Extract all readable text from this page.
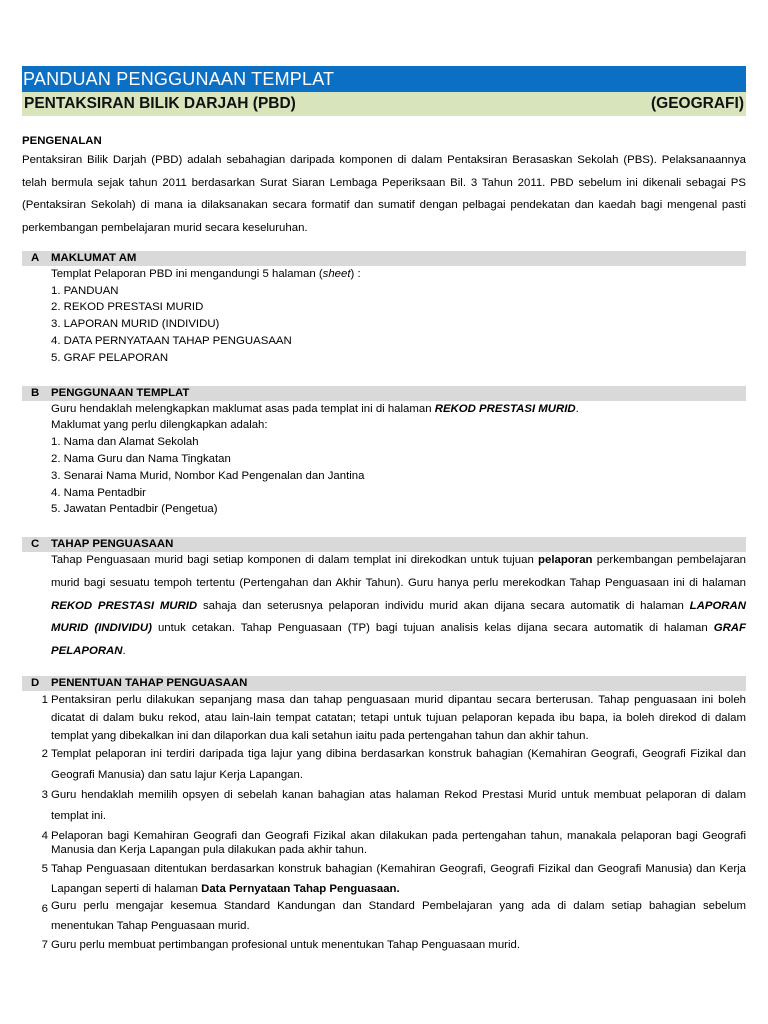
PANDUAN PENGGUNAAN TEMPLAT
PENTAKSIRAN BILIK DARJAH (PBD)	(GEOGRAFI)
PENGENALAN
Pentaksiran Bilik Darjah (PBD) adalah sebahagian daripada komponen di dalam Pentaksiran Berasaskan Sekolah (PBS). Pelaksanaannya telah bermula sejak tahun 2011 berdasarkan Surat Siaran Lembaga Peperiksaan Bil. 3 Tahun 2011. PBD sebelum ini dikenali sebagai PS (Pentaksiran Sekolah) di mana ia dilaksanakan secara formatif dan sumatif dengan pelbagai pendekatan dan kaedah bagi mengenal pasti perkembangan pembelajaran murid secara keseluruhan.
A	MAKLUMAT AM
Templat Pelaporan PBD ini mengandungi 5 halaman (sheet) :
1. PANDUAN
2. REKOD PRESTASI MURID
3. LAPORAN MURID (INDIVIDU)
4. DATA PERNYATAAN TAHAP PENGUASAAN
5. GRAF PELAPORAN
B	PENGGUNAAN TEMPLAT
Guru hendaklah melengkapkan maklumat asas pada templat ini di halaman REKOD PRESTASI MURID.
Maklumat yang perlu dilengkapkan adalah:
1. Nama dan Alamat Sekolah
2. Nama Guru dan Nama Tingkatan
3. Senarai Nama Murid, Nombor Kad Pengenalan dan Jantina
4. Nama Pentadbir
5. Jawatan Pentadbir (Pengetua)
C	TAHAP PENGUASAAN
Tahap Penguasaan murid bagi setiap komponen di dalam templat ini direkodkan untuk tujuan pelaporan perkembangan pembelajaran murid bagi sesuatu tempoh tertentu (Pertengahan dan Akhir Tahun). Guru hanya perlu merekodkan Tahap Penguasaan ini di halaman REKOD PRESTASI MURID sahaja dan seterusnya pelaporan individu murid akan dijana secara automatik di halaman LAPORAN MURID (INDIVIDU) untuk cetakan. Tahap Penguasaan (TP) bagi tujuan analisis kelas dijana secara automatik di halaman GRAF PELAPORAN.
D	PENENTUAN TAHAP PENGUASAAN
1 Pentaksiran perlu dilakukan sepanjang masa dan tahap penguasaan murid dipantau secara berterusan. Tahap penguasaan ini boleh dicatat di dalam buku rekod, atau lain-lain tempat catatan; tetapi untuk tujuan pelaporan kepada ibu bapa, ia boleh direkod di dalam templat yang dibekalkan ini dan dilaporkan dua kali setahun iaitu pada pertengahan tahun dan akhir tahun.
2 Templat pelaporan ini terdiri daripada tiga lajur yang dibina berdasarkan konstruk bahagian (Kemahiran Geografi, Geografi Fizikal dan Geografi Manusia) dan satu lajur Kerja Lapangan.
3 Guru hendaklah memilih opsyen di sebelah kanan bahagian atas halaman Rekod Prestasi Murid untuk membuat pelaporan di dalam templat ini.
4 Pelaporan bagi Kemahiran Geografi dan Geografi Fizikal akan dilakukan pada pertengahan tahun, manakala pelaporan bagi Geografi Manusia dan Kerja Lapangan pula dilakukan pada akhir tahun.
5 Tahap Penguasaan ditentukan berdasarkan konstruk bahagian (Kemahiran Geografi, Geografi Fizikal dan Geografi Manusia) dan Kerja Lapangan seperti di halaman Data Pernyataan Tahap Penguasaan.
6 Guru perlu mengajar kesemua Standard Kandungan dan Standard Pembelajaran yang ada di dalam setiap bahagian sebelum menentukan Tahap Penguasaan murid.
7 Guru perlu membuat pertimbangan profesional untuk menentukan Tahap Penguasaan murid.
